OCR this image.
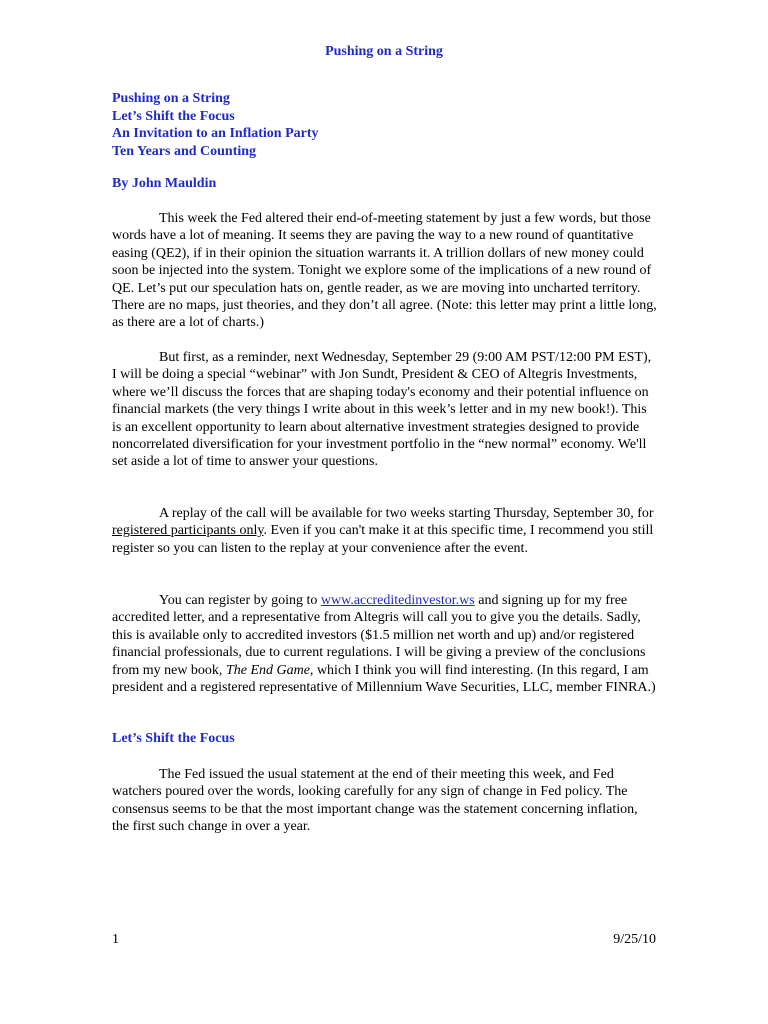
Pushing on a String
Pushing on a String
Let’s Shift the Focus
An Invitation to an Inflation Party
Ten Years and Counting
By John Mauldin

This week the Fed altered their end-of-meeting statement by just a few words, but those words have a lot of meaning. It seems they are paving the way to a new round of quantitative easing (QE2), if in their opinion the situation warrants it. A trillion dollars of new money could soon be injected into the system. Tonight we explore some of the implications of a new round of QE. Let’s put our speculation hats on, gentle reader, as we are moving into uncharted territory. There are no maps, just theories, and they don’t all agree. (Note: this letter may print a little long, as there are a lot of charts.)

But first, as a reminder, next Wednesday, September 29 (9:00 AM PST/12:00 PM EST), I will be doing a special “webinar” with Jon Sundt, President & CEO of Altegris Investments, where we’ll discuss the forces that are shaping today's economy and their potential influence on financial markets (the very things I write about in this week’s letter and in my new book!). This is an excellent opportunity to learn about alternative investment strategies designed to provide noncorrelated diversification for your investment portfolio in the “new normal” economy. We'll set aside a lot of time to answer your questions.

A replay of the call will be available for two weeks starting Thursday, September 30, for registered participants only. Even if you can't make it at this specific time, I recommend you still register so you can listen to the replay at your convenience after the event.

You can register by going to www.accreditedinvestor.ws and signing up for my free accredited letter, and a representative from Altegris will call you to give you the details. Sadly, this is available only to accredited investors ($1.5 million net worth and up) and/or registered financial professionals, due to current regulations. I will be giving a preview of the conclusions from my new book, The End Game, which I think you will find interesting. (In this regard, I am president and a registered representative of Millennium Wave Securities, LLC, member FINRA.)

Let’s Shift the Focus

The Fed issued the usual statement at the end of their meeting this week, and Fed watchers poured over the words, looking carefully for any sign of change in Fed policy. The consensus seems to be that the most important change was the statement concerning inflation, the first such change in over a year.

1	9/25/10
